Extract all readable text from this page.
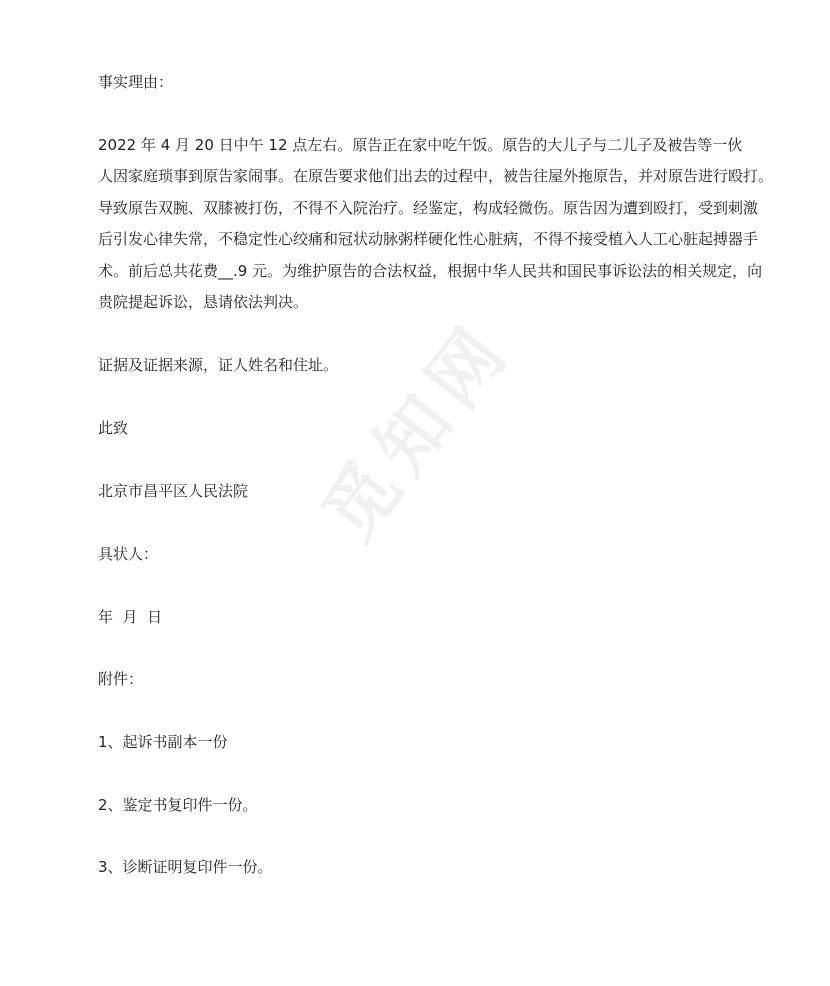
事实理由：

2022 年 4 月 20 日中午 12 点左右。原告正在家中吃午饭。原告的大儿子与二儿子及被告等一伙

人因家庭琐事到原告家闹事。在原告要求他们出去的过程中，被告往屋外拖原告，并对原告进行殴打。

导致原告双腕、双膝被打伤，不得不入院治疗。经鉴定，构成轻微伤。原告因为遭到殴打，受到刺激

后引发心律失常，不稳定性心绞痛和冠状动脉粥样硬化性心脏病，不得不接受植入人工心脏起搏器手

术。前后总共花费__.9 元。为维护原告的合法权益，根据中华人民共和国民事诉讼法的相关规定，向

贵院提起诉讼，恳请依法判决。

证据及证据来源，证人姓名和住址。

此致

北京市昌平区人民法院

具状人：

年  月  日

附件：

1、起诉书副本一份

2、鉴定书复印件一份。

3、诊断证明复印件一份。

觅知网
